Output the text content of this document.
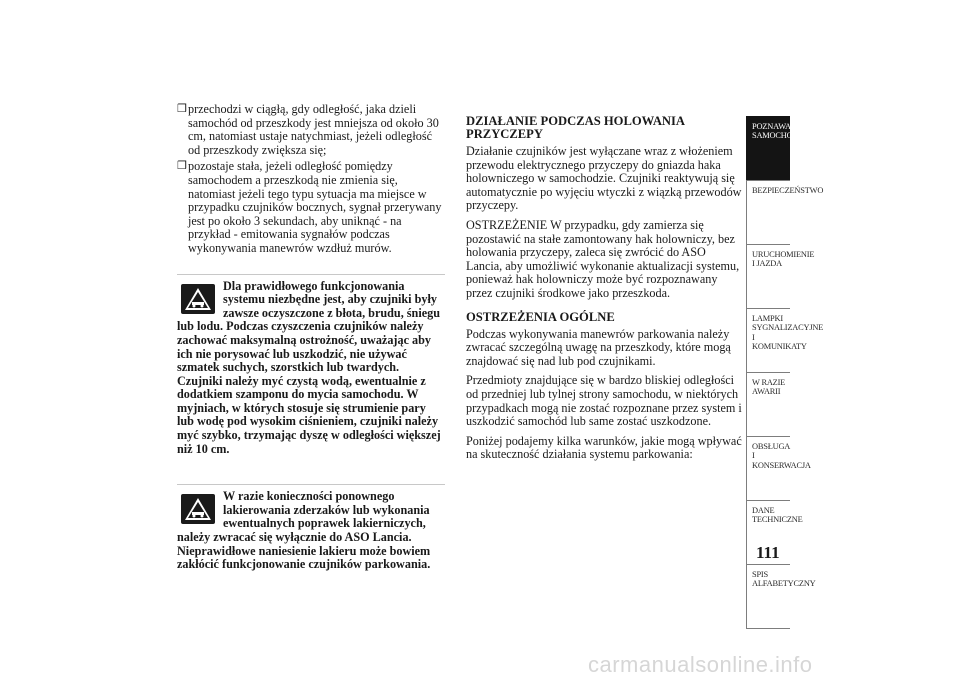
❒ przechodzi w ciągłą, gdy odległość, jaka dzieli samochód od przeszkody jest mniejsza od około 30 cm, natomiast ustaje natychmiast, jeżeli odległość od przeszkody zwiększa się;
❒ pozostaje stała, jeżeli odległość pomiędzy samochodem a przeszkodą nie zmienia się, natomiast jeżeli tego typu sytuacja ma miejsce w przypadku czujników bocznych, sygnał przerywany jest po około 3 sekundach, aby uniknąć - na przykład - emitowania sygnałów podczas wykonywania manewrów wzdłuż murów.
Dla prawidłowego funkcjonowania systemu niezbędne jest, aby czujniki były zawsze oczyszczone z błota, brudu, śniegu lub lodu. Podczas czyszczenia czujników należy zachować maksymalną ostrożność, uważając aby ich nie porysować lub uszkodzić, nie używać szmatek suchych, szorstkich lub twardych. Czujniki należy myć czystą wodą, ewentualnie z dodatkiem szamponu do mycia samochodu. W myjniach, w których stosuje się strumienie pary lub wodę pod wysokim ciśnieniem, czujniki należy myć szybko, trzymając dyszę w odległości większej niż 10 cm.
W razie konieczności ponownego lakierowania zderzaków lub wykonania ewentualnych poprawek lakierniczych, należy zwracać się wyłącznie do ASO Lancia. Nieprawidłowe naniesienie lakieru może bowiem zakłócić funkcjonowanie czujników parkowania.
DZIAŁANIE PODCZAS HOLOWANIA PRZYCZEPY

Działanie czujników jest wyłączane wraz z włożeniem przewodu elektrycznego przyczepy do gniazda haka holowniczego w samochodzie. Czujniki reaktywują się automatycznie po wyjęciu wtyczki z wiązką przewodów przyczepy.

OSTRZEŻENIE W przypadku, gdy zamierza się pozostawić na stałe zamontowany hak holowniczy, bez holowania przyczepy, zaleca się zwrócić do ASO Lancia, aby umożliwić wykonanie aktualizacji systemu, ponieważ hak holowniczy może być rozpoznawany przez czujniki środkowe jako przeszkoda.

OSTRZEŻENIA OGÓLNE

Podczas wykonywania manewrów parkowania należy zwracać szczególną uwagę na przeszkody, które mogą znajdować się nad lub pod czujnikami.

Przedmioty znajdujące się w bardzo bliskiej odległości od przedniej lub tylnej strony samochodu, w niektórych przypadkach mogą nie zostać rozpoznane przez system i uszkodzić samochód lub same zostać uszkodzone.

Poniżej podajemy kilka warunków, jakie mogą wpływać na skuteczność działania systemu parkowania:

POZNAWANIE SAMOCHODU
BEZPIECZEŃSTWO
URUCHOMIENIE I JAZDA
LAMPKI SYGNALIZACYJNE I KOMUNIKATY
W RAZIE AWARII
OBSŁUGA I KONSERWACJA
DANE TECHNICZNE
SPIS ALFABETYCZNY
111
carmanualsonline.info
